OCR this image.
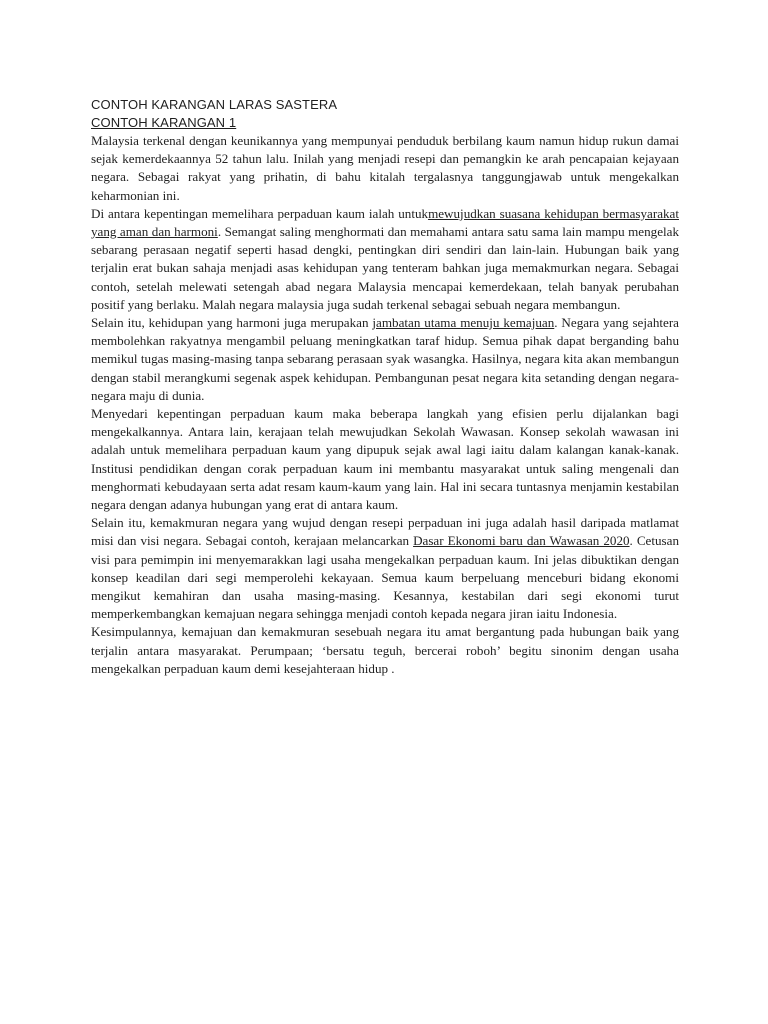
CONTOH KARANGAN LARAS SASTERA
CONTOH KARANGAN 1

Malaysia terkenal dengan keunikannya yang mempunyai penduduk berbilang kaum namun hidup rukun damai sejak kemerdekaannya 52 tahun lalu. Inilah yang menjadi resepi dan pemangkin ke arah pencapaian kejayaan negara. Sebagai rakyat yang prihatin, di bahu kitalah tergalasnya tanggungjawab untuk mengekalkan keharmonian ini.

Di antara kepentingan memelihara perpaduan kaum ialah untukmewujudkan suasana kehidupan bermasyarakat yang aman dan harmoni. Semangat saling menghormati dan memahami antara satu sama lain mampu mengelak sebarang perasaan negatif seperti hasad dengki, pentingkan diri sendiri dan lain-lain. Hubungan baik yang terjalin erat bukan sahaja menjadi asas kehidupan yang tenteram bahkan juga memakmurkan negara. Sebagai contoh, setelah melewati setengah abad negara Malaysia mencapai kemerdekaan, telah banyak perubahan positif yang berlaku. Malah negara malaysia juga sudah terkenal sebagai sebuah negara membangun.

Selain itu, kehidupan yang harmoni juga merupakan jambatan utama menuju kemajuan. Negara yang sejahtera membolehkan rakyatnya mengambil peluang meningkatkan taraf hidup. Semua pihak dapat berganding bahu memikul tugas masing-masing tanpa sebarang perasaan syak wasangka. Hasilnya, negara kita akan membangun dengan stabil merangkumi segenak aspek kehidupan. Pembangunan pesat negara kita setanding dengan negara-negara maju di dunia.

Menyedari kepentingan perpaduan kaum maka beberapa langkah yang efisien perlu dijalankan bagi mengekalkannya. Antara lain, kerajaan telah mewujudkan Sekolah Wawasan. Konsep sekolah wawasan ini adalah untuk memelihara perpaduan kaum yang dipupuk sejak awal lagi iaitu dalam kalangan kanak-kanak. Institusi pendidikan dengan corak perpaduan kaum ini membantu masyarakat untuk saling mengenali dan menghormati kebudayaan serta adat resam kaum-kaum yang lain. Hal ini secara tuntasnya menjamin kestabilan negara dengan adanya hubungan yang erat di antara kaum.

Selain itu, kemakmuran negara yang wujud dengan resepi perpaduan ini juga adalah hasil daripada matlamat misi dan visi negara. Sebagai contoh, kerajaan melancarkan Dasar Ekonomi baru dan Wawasan 2020. Cetusan visi para pemimpin ini menyemarakkan lagi usaha mengekalkan perpaduan kaum. Ini jelas dibuktikan dengan konsep keadilan dari segi memperolehi kekayaan. Semua kaum berpeluang menceburi bidang ekonomi mengikut kemahiran dan usaha masing-masing. Kesannya, kestabilan dari segi ekonomi turut memperkembangkan kemajuan negara sehingga menjadi contoh kepada negara jiran iaitu Indonesia.

Kesimpulannya, kemajuan dan kemakmuran sesebuah negara itu amat bergantung pada hubungan baik yang terjalin antara masyarakat. Perumpaan; ‘bersatu teguh, bercerai roboh’ begitu sinonim dengan usaha mengekalkan perpaduan kaum demi kesejahteraan hidup .
